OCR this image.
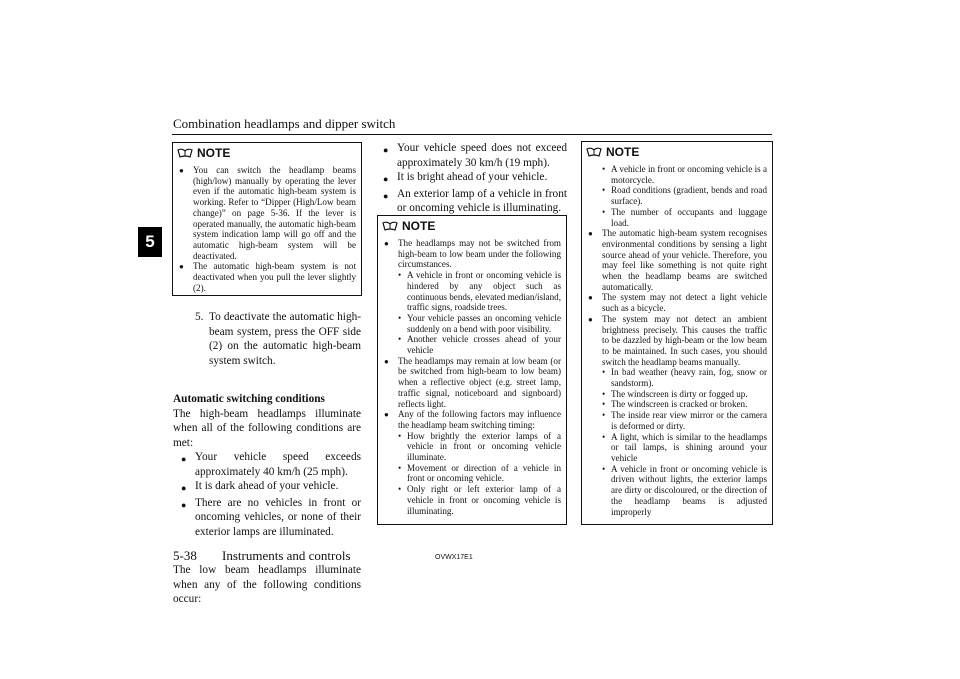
Combination headlamps and dipper switch
5
NOTE
●	You can switch the headlamp beams (high/low) manually by operating the lever even if the automatic high-beam system is working. Refer to “Dipper (High/Low beam change)” on page 5-36. If the lever is operated manually, the automatic high-beam system indication lamp will go off and the automatic high-beam system will be deactivated.
●	The automatic high-beam system is not deactivated when you pull the lever slightly (2).
5. To deactivate the automatic high-beam system, press the OFF side (2) on the automatic high-beam system switch.

Automatic switching conditions

The high-beam headlamps illuminate when all of the following conditions are met:

● Your vehicle speed exceeds approximately 40 km/h (25 mph).
● It is dark ahead of your vehicle.
● There are no vehicles in front or oncoming vehicles, or none of their exterior lamps are illuminated.

The low beam headlamps illuminate when any of the following conditions occur:

● Your vehicle speed does not exceed approximately 30 km/h (19 mph).
● It is bright ahead of your vehicle.
● An exterior lamp of a vehicle in front or oncoming vehicle is illuminating.
NOTE
●	The headlamps may not be switched from high-beam to low beam under the following circumstances.
• A vehicle in front or oncoming vehicle is hindered by any object such as continuous bends, elevated median/island, traffic signs, roadside trees.
• Your vehicle passes an oncoming vehicle suddenly on a bend with poor visibility.
• Another vehicle crosses ahead of your vehicle
●	The headlamps may remain at low beam (or be switched from high-beam to low beam) when a reflective object (e.g. street lamp, traffic signal, noticeboard and signboard) reflects light.
●	Any of the following factors may influence the headlamp beam switching timing:
• How brightly the exterior lamps of a vehicle in front or oncoming vehicle illuminate.
• Movement or direction of a vehicle in front or oncoming vehicle.
• Only right or left exterior lamp of a vehicle in front or oncoming vehicle is illuminating.
NOTE
• A vehicle in front or oncoming vehicle is a motorcycle.
• Road conditions (gradient, bends and road surface).
• The number of occupants and luggage load.
●	The automatic high-beam system recognises environmental conditions by sensing a light source ahead of your vehicle. Therefore, you may feel like something is not quite right when the headlamp beams are switched automatically.
●	The system may not detect a light vehicle such as a bicycle.
●	The system may not detect an ambient brightness precisely. This causes the traffic to be dazzled by high-beam or the low beam to be maintained. In such cases, you should switch the headlamp beams manually.
• In bad weather (heavy rain, fog, snow or sandstorm).
• The windscreen is dirty or fogged up.
• The windscreen is cracked or broken.
• The inside rear view mirror or the camera is deformed or dirty.
• A light, which is similar to the headlamps or tail lamps, is shining around your vehicle
• A vehicle in front or oncoming vehicle is driven without lights, the exterior lamps are dirty or discoloured, or the direction of the headlamp beams is adjusted improperly
5-38 Instruments and controls	OVWX17E1
